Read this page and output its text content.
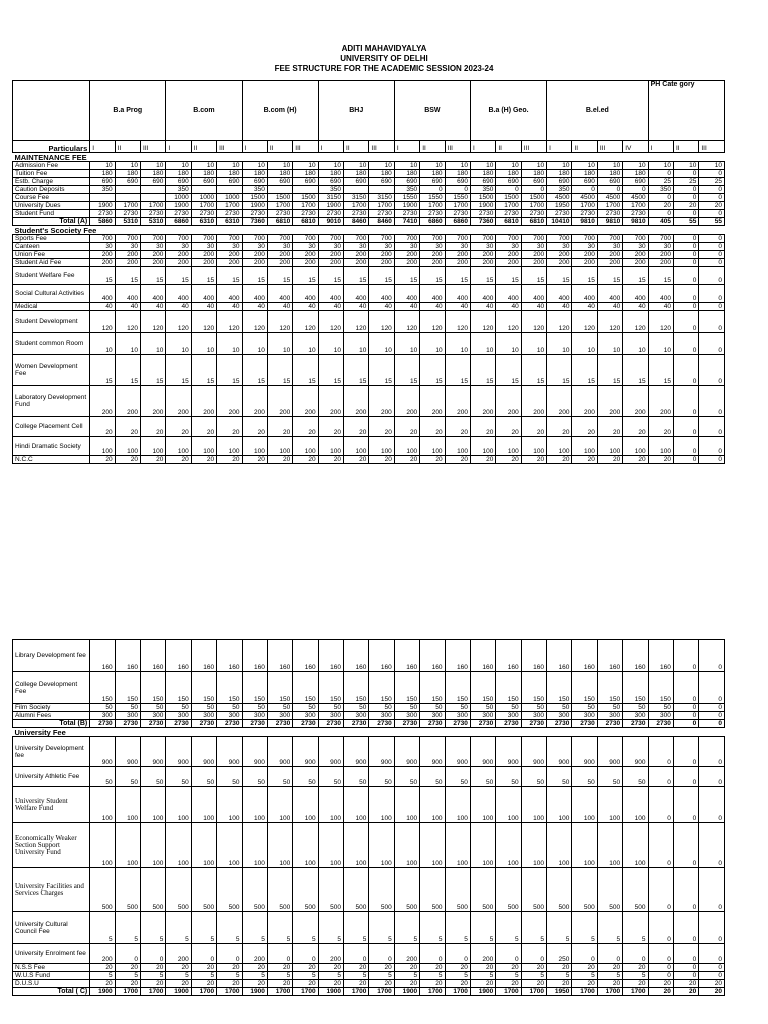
ADITI MAHAVIDYALYA
UNIVERSITY OF DELHI
FEE STRUCTURE FOR THE ACADEMIC SESSION 2023-24
	B.a Prog			B.com			B.com (H)			BHJ			BSW			B.a (H) Geo.			B.el.ed				PH Cate gory		
Particulars	I	II	III	I	II	III	I	II	III	I	II	III	I	II	III	I	II	III	I	II	III	IV	I	II	III
MAINTENANCE FEE																									
Admission Fee	10	10	10	10	10	10	10	10	10	10	10	10	10	10	10	10	10	10	10	10	10	10	10	10	10
Tuition Fee	180	180	180	180	180	180	180	180	180	180	180	180	180	180	180	180	180	180	180	180	180	180	0	0	0
Estb. Charge	690	690	690	690	690	690	690	690	690	690	690	690	690	690	690	690	690	690	690	690	690	690	25	25	25
Caution Deposits	350			350			350			350			350	0	0	350	0	0	350	0	0	0	350	0	0
Course Fee				1000	1000	1000	1500	1500	1500	3150	3150	3150	1550	1550	1550	1500	1500	1500	4500	4500	4500	4500	0	0	0
University Dues	1900	1700	1700	1900	1700	1700	1900	1700	1700	1900	1700	1700	1900	1700	1700	1900	1700	1700	1950	1700	1700	1700	20	20	20
Student Fund	2730	2730	2730	2730	2730	2730	2730	2730	2730	2730	2730	2730	2730	2730	2730	2730	2730	2730	2730	2730	2730	2730	0	0	0
Total (A)	5860	5310	5310	6860	6310	6310	7360	6810	6810	9010	8460	8460	7410	6860	6860	7360	6810	6810	10410	9810	9810	9810	405	55	55
Student's Scociety Fee																									
Sports Fee	700	700	700	700	700	700	700	700	700	700	700	700	700	700	700	700	700	700	700	700	700	700	700	0	0
Canteen	30	30	30	30	30	30	30	30	30	30	30	30	30	30	30	30	30	30	30	30	30	30	30	0	0
Union Fee	200	200	200	200	200	200	200	200	200	200	200	200	200	200	200	200	200	200	200	200	200	200	200	0	0
Student Aid Fee	200	200	200	200	200	200	200	200	200	200	200	200	200	200	200	200	200	200	200	200	200	200	200	0	0
Student Welfare Fee	15	15	15	15	15	15	15	15	15	15	15	15	15	15	15	15	15	15	15	15	15	15	15	0	0
Social Cultural Activities	400	400	400	400	400	400	400	400	400	400	400	400	400	400	400	400	400	400	400	400	400	400	400	0	0
Medical	40	40	40	40	40	40	40	40	40	40	40	40	40	40	40	40	40	40	40	40	40	40	40	0	0
Student Development	120	120	120	120	120	120	120	120	120	120	120	120	120	120	120	120	120	120	120	120	120	120	120	0	0
Student common Room	10	10	10	10	10	10	10	10	10	10	10	10	10	10	10	10	10	10	10	10	10	10	10	0	0
Women Development Fee	15	15	15	15	15	15	15	15	15	15	15	15	15	15	15	15	15	15	15	15	15	15	15	0	0
Laboratory Development Fund	200	200	200	200	200	200	200	200	200	200	200	200	200	200	200	200	200	200	200	200	200	200	200	0	0
College Placement Cell	20	20	20	20	20	20	20	20	20	20	20	20	20	20	20	20	20	20	20	20	20	20	20	0	0
Hindi Dramatic Society	100	100	100	100	100	100	100	100	100	100	100	100	100	100	100	100	100	100	100	100	100	100	100	0	0
N.C.C	20	20	20	20	20	20	20	20	20	20	20	20	20	20	20	20	20	20	20	20	20	20	20	0	0
Library Development fee	160	160	160	160	160	160	160	160	160	160	160	160	160	160	160	160	160	160	160	160	160	160	160	0	0
College Development Fee	150	150	150	150	150	150	150	150	150	150	150	150	150	150	150	150	150	150	150	150	150	150	150	0	0
Film Society	50	50	50	50	50	50	50	50	50	50	50	50	50	50	50	50	50	50	50	50	50	50	50	0	0
Alumni Fees	300	300	300	300	300	300	300	300	300	300	300	300	300	300	300	300	300	300	300	300	300	300	300	0	0
Total (B)	2730	2730	2730	2730	2730	2730	2730	2730	2730	2730	2730	2730	2730	2730	2730	2730	2730	2730	2730	2730	2730	2730	2730	0	0
University Fee																									
University Development fee	900	900	900	900	900	900	900	900	900	900	900	900	900	900	900	900	900	900	900	900	900	900	0	0	0
University Athletic Fee	50	50	50	50	50	50	50	50	50	50	50	50	50	50	50	50	50	50	50	50	50	50	0	0	0
University Student Welfare Fund	100	100	100	100	100	100	100	100	100	100	100	100	100	100	100	100	100	100	100	100	100	100	0	0	0
Economically Weaker Section Support University Fund	100	100	100	100	100	100	100	100	100	100	100	100	100	100	100	100	100	100	100	100	100	100	0	0	0
University Facilities and Services Charges	500	500	500	500	500	500	500	500	500	500	500	500	500	500	500	500	500	500	500	500	500	500	0	0	0
University Cultural Council Fee	5	5	5	5	5	5	5	5	5	5	5	5	5	5	5	5	5	5	5	5	5	5	0	0	0
University Enrolment fee	200	0	0	200	0	0	200	0	0	200	0	0	200	0	0	200	0	0	250	0	0	0	0	0	0
N.S.S Fee	20	20	20	20	20	20	20	20	20	20	20	20	20	20	20	20	20	20	20	20	20	20	0	0	0
W.U.S Fund	5	5	5	5	5	5	5	5	5	5	5	5	5	5	5	5	5	5	5	5	5	5	0	0	0
D.U.S.U	20	20	20	20	20	20	20	20	20	20	20	20	20	20	20	20	20	20	20	20	20	20	20	20	20
Total ( C)	1900	1700	1700	1900	1700	1700	1900	1700	1700	1900	1700	1700	1900	1700	1700	1900	1700	1700	1950	1700	1700	1700	20	20	20
